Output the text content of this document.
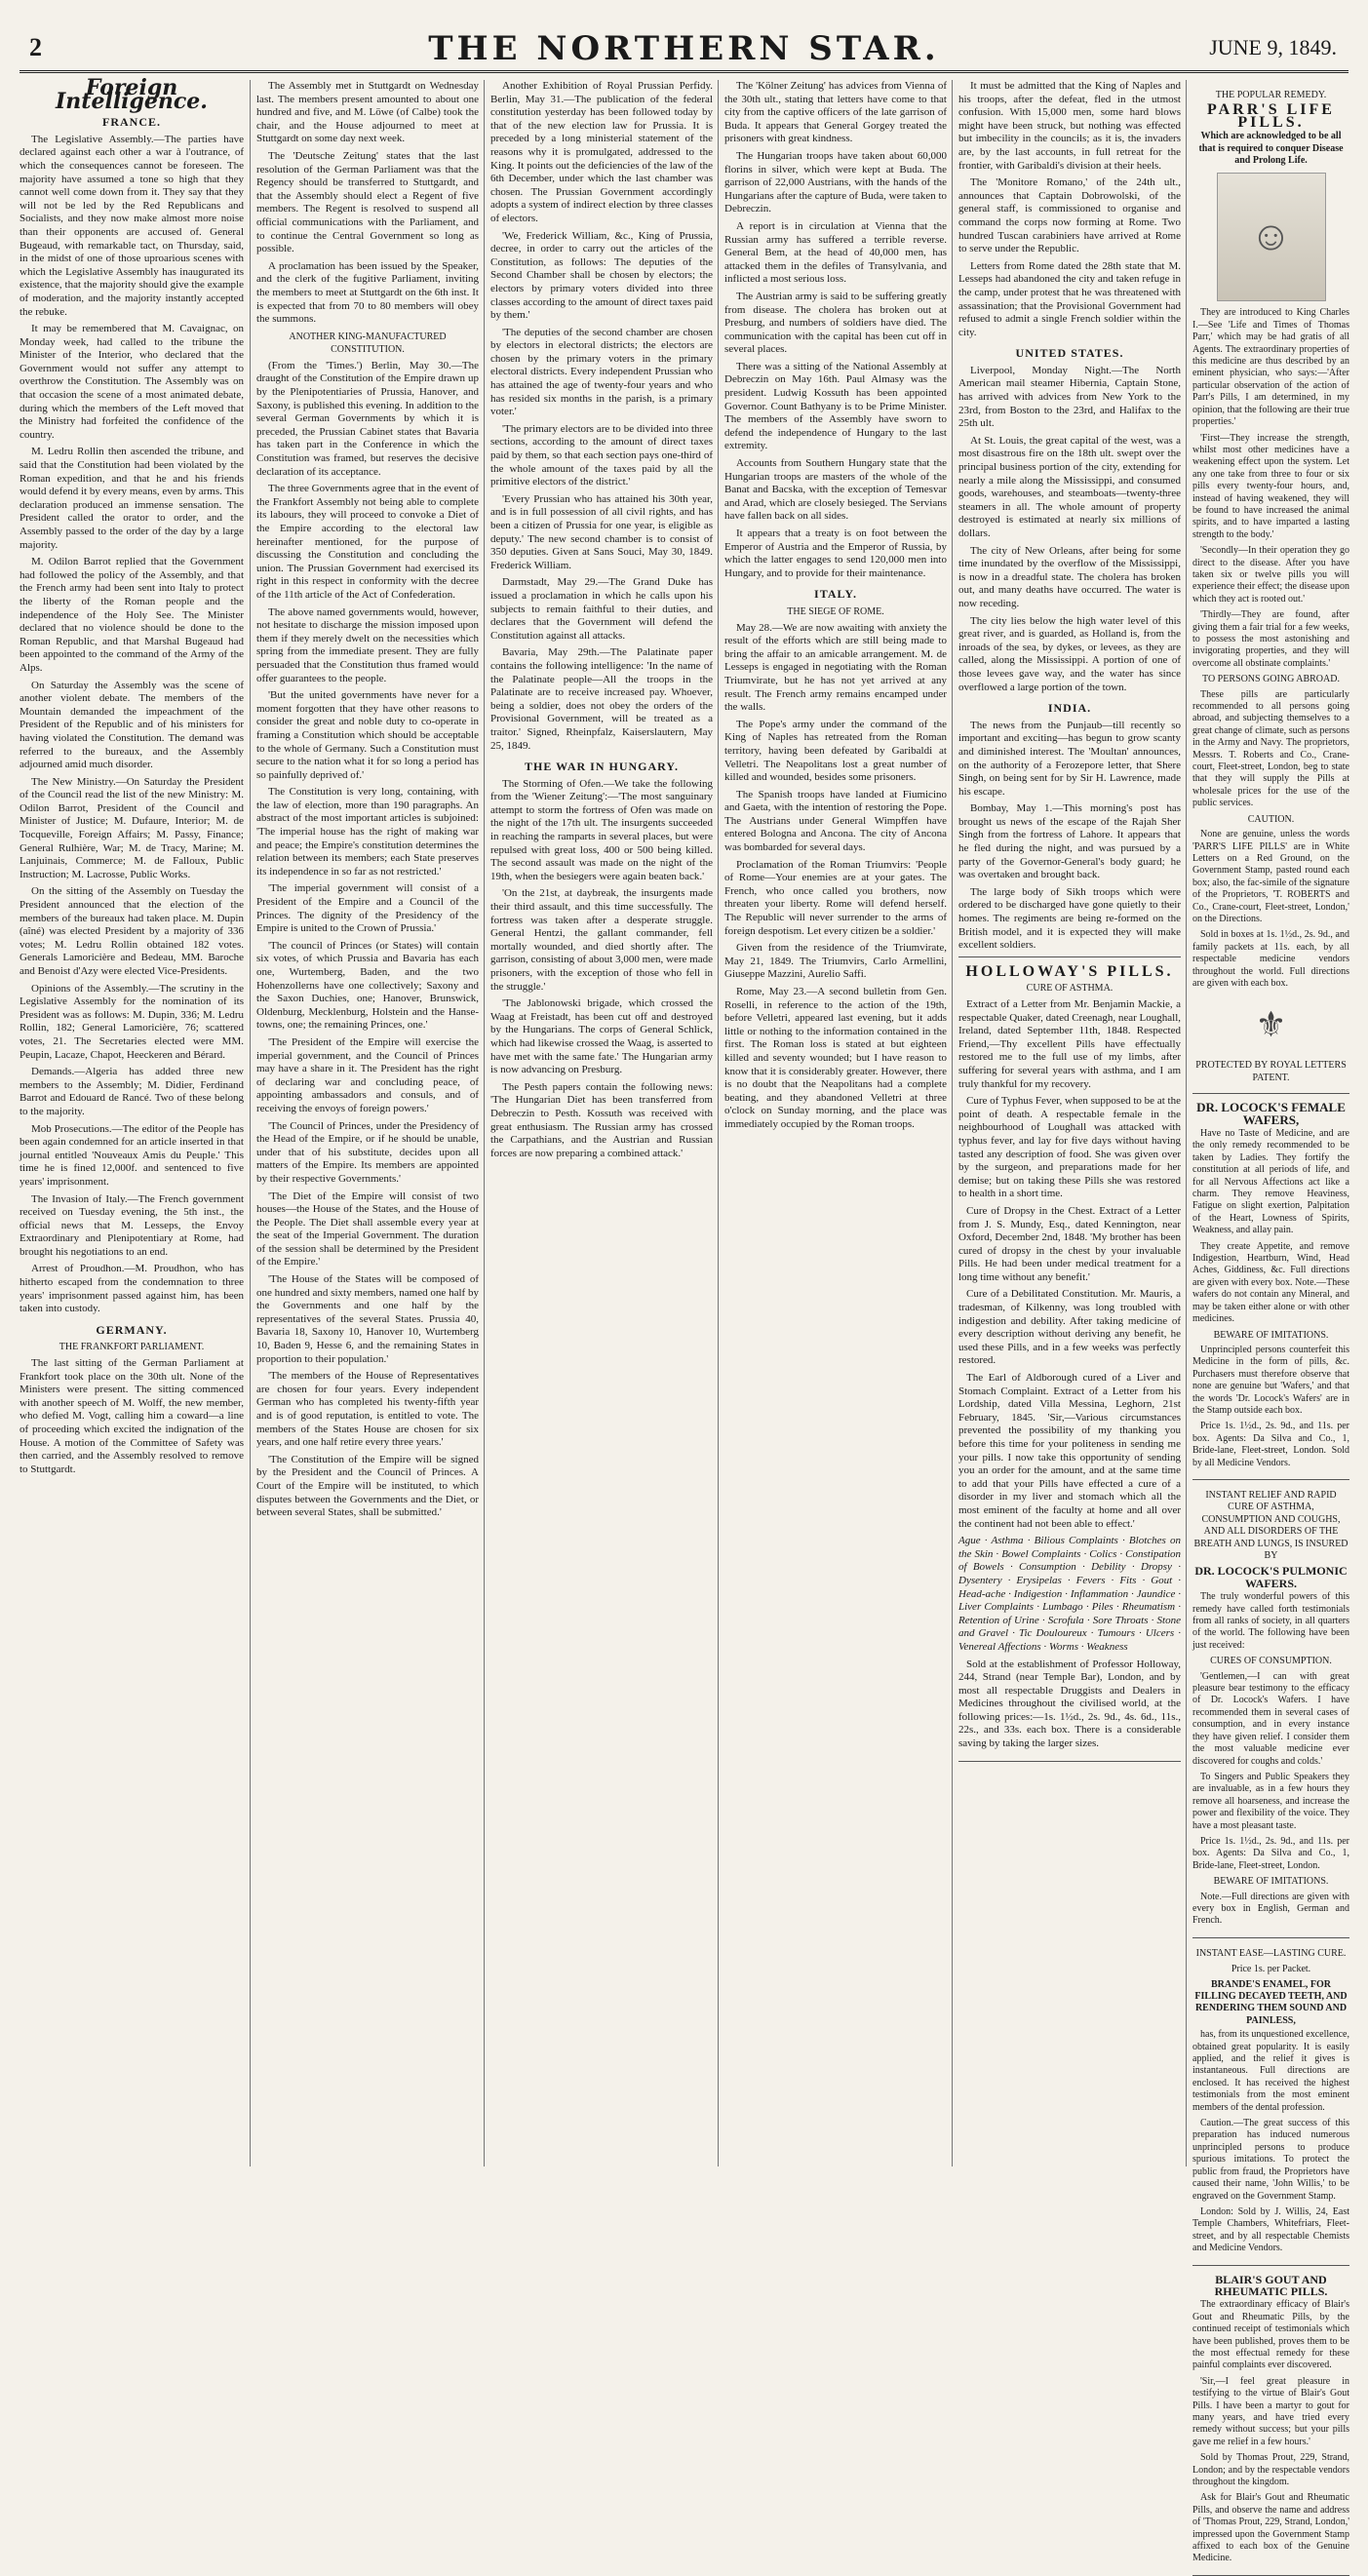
2	THE NORTHERN STAR.	JUNE 9, 1849.
Foreign Intelligence.
FRANCE.

The Legislative Assembly.—The parties have declared against each other a war à l'outrance, of which the consequences cannot be foreseen. The majority have assumed a tone so high that they cannot well come down from it. They say that they will not be led by the Red Republicans and Socialists, and they now make almost more noise than their opponents are accused of. General Bugeaud, with remarkable tact, on Thursday, said, in the midst of one of those uproarious scenes with which the Legislative Assembly has inaugurated its existence, that the majority should give the example of moderation, and the majority instantly accepted the rebuke.

It may be remembered that M. Cavaignac, on Monday week, had called to the tribune the Minister of the Interior, who declared that the Government would not suffer any attempt to overthrow the Constitution. The Assembly was on that occasion the scene of a most animated debate, during which the members of the Left moved that the Ministry had forfeited the confidence of the country.

M. Ledru Rollin then ascended the tribune, and said that the Constitution had been violated by the Roman expedition, and that he and his friends would defend it by every means, even by arms. This declaration produced an immense sensation. The President called the orator to order, and the Assembly passed to the order of the day by a large majority.

M. Odilon Barrot replied that the Government had followed the policy of the Assembly, and that the French army had been sent into Italy to protect the liberty of the Roman people and the independence of the Holy See. The Minister declared that no violence should be done to the Roman Republic, and that Marshal Bugeaud had been appointed to the command of the Army of the Alps.

On Saturday the Assembly was the scene of another violent debate. The members of the Mountain demanded the impeachment of the President of the Republic and of his ministers for having violated the Constitution. The demand was referred to the bureaux, and the Assembly adjourned amid much disorder.

The New Ministry.—On Saturday the President of the Council read the list of the new Ministry: M. Odilon Barrot, President of the Council and Minister of Justice; M. Dufaure, Interior; M. de Tocqueville, Foreign Affairs; M. Passy, Finance; General Rulhière, War; M. de Tracy, Marine; M. Lanjuinais, Commerce; M. de Falloux, Public Instruction; M. Lacrosse, Public Works.

On the sitting of the Assembly on Tuesday the President announced that the election of the members of the bureaux had taken place. M. Dupin (aîné) was elected President by a majority of 336 votes; M. Ledru Rollin obtained 182 votes. Generals Lamoricière and Bedeau, MM. Baroche and Benoist d'Azy were elected Vice-Presidents.

Opinions of the Assembly.—The scrutiny in the Legislative Assembly for the nomination of its President was as follows: M. Dupin, 336; M. Ledru Rollin, 182; General Lamoricière, 76; scattered votes, 21. The Secretaries elected were MM. Peupin, Lacaze, Chapot, Heeckeren and Bérard.

Demands.—Algeria has added three new members to the Assembly; M. Didier, Ferdinand Barrot and Edouard de Rancé. Two of these belong to the majority.

Mob Prosecutions.—The editor of the People has been again condemned for an article inserted in that journal entitled 'Nouveaux Amis du Peuple.' This time he is fined 12,000f. and sentenced to five years' imprisonment.

The Invasion of Italy.—The French government received on Tuesday evening, the 5th inst., the official news that M. Lesseps, the Envoy Extraordinary and Plenipotentiary at Rome, had brought his negotiations to an end.

Arrest of Proudhon.—M. Proudhon, who has hitherto escaped from the condemnation to three years' imprisonment passed against him, has been taken into custody.

GERMANY.
THE FRANKFORT PARLIAMENT.

The last sitting of the German Parliament at Frankfort took place on the 30th ult. None of the Ministers were present. The sitting commenced with another speech of M. Wolff, the new member, who defied M. Vogt, calling him a coward—a line of proceeding which excited the indignation of the House. A motion of the Committee of Safety was then carried, and the Assembly resolved to remove to Stuttgardt.

The Assembly met in Stuttgardt on Wednesday last. The members present amounted to about one hundred and five, and M. Löwe (of Calbe) took the chair, and the House adjourned to meet at Stuttgardt on some day next week.

The 'Deutsche Zeitung' states that the last resolution of the German Parliament was that the Regency should be transferred to Stuttgardt, and that the Assembly should elect a Regent of five members. The Regent is resolved to suspend all official communications with the Parliament, and to continue the Central Government so long as possible.

A proclamation has been issued by the Speaker, and the clerk of the fugitive Parliament, inviting the members to meet at Stuttgardt on the 6th inst. It is expected that from 70 to 80 members will obey the summons.

ANOTHER KING-MANUFACTURED CONSTITUTION.

(From the 'Times.') Berlin, May 30.—The draught of the Constitution of the Empire drawn up by the Plenipotentiaries of Prussia, Hanover, and Saxony, is published this evening. In addition to the several German Governments by which it is preceded, the Prussian Cabinet states that Bavaria has taken part in the Conference in which the Constitution was framed, but reserves the decisive declaration of its acceptance.

The three Governments agree that in the event of the Frankfort Assembly not being able to complete its labours, they will proceed to convoke a Diet of the Empire according to the electoral law hereinafter mentioned, for the purpose of discussing the Constitution and concluding the union. The Prussian Government had exercised its right in this respect in conformity with the decree of the 11th article of the Act of Confederation.

The above named governments would, however, not hesitate to discharge the mission imposed upon them if they merely dwelt on the necessities which spring from the immediate present. They are fully persuaded that the Constitution thus framed would offer guarantees to the people.

'But the united governments have never for a moment forgotten that they have other reasons to consider the great and noble duty to co-operate in framing a Constitution which should be acceptable to the whole of Germany. Such a Constitution must secure to the nation what it for so long a period has so painfully deprived of.'

The Constitution is very long, containing, with the law of election, more than 190 paragraphs. An abstract of the most important articles is subjoined: 'The imperial house has the right of making war and peace; the Empire's constitution determines the relation between its members; each State preserves its independence in so far as not restricted.'

'The imperial government will consist of a President of the Empire and a Council of the Princes. The dignity of the Presidency of the Empire is united to the Crown of Prussia.'

'The council of Princes (or States) will contain six votes, of which Prussia and Bavaria has each one, Wurtemberg, Baden, and the two Hohenzollerns have one collectively; Saxony and the Saxon Duchies, one; Hanover, Brunswick, Oldenburg, Mecklenburg, Holstein and the Hanse-towns, one; the remaining Princes, one.'

'The President of the Empire will exercise the imperial government, and the Council of Princes may have a share in it. The President has the right of declaring war and concluding peace, of appointing ambassadors and consuls, and of receiving the envoys of foreign powers.'

'The Council of Princes, under the Presidency of the Head of the Empire, or if he should be unable, under that of his substitute, decides upon all matters of the Empire. Its members are appointed by their respective Governments.'

'The Diet of the Empire will consist of two houses—the House of the States, and the House of the People. The Diet shall assemble every year at the seat of the Imperial Government. The duration of the session shall be determined by the President of the Empire.'

'The House of the States will be composed of one hundred and sixty members, named one half by the Governments and one half by the representatives of the several States. Prussia 40, Bavaria 18, Saxony 10, Hanover 10, Wurtemberg 10, Baden 9, Hesse 6, and the remaining States in proportion to their population.'

'The members of the House of Representatives are chosen for four years. Every independent German who has completed his twenty-fifth year and is of good reputation, is entitled to vote. The members of the States House are chosen for six years, and one half retire every three years.'

'The Constitution of the Empire will be signed by the President and the Council of Princes. A Court of the Empire will be instituted, to which disputes between the Governments and the Diet, or between several States, shall be submitted.'

Another Exhibition of Royal Prussian Perfidy. Berlin, May 31.—The publication of the federal constitution yesterday has been followed today by that of the new election law for Prussia. It is preceded by a long ministerial statement of the reasons why it is promulgated, addressed to the King. It points out the deficiencies of the law of the 6th December, under which the last chamber was chosen. The Prussian Government accordingly adopts a system of indirect election by three classes of electors.

'We, Frederick William, &c., King of Prussia, decree, in order to carry out the articles of the Constitution, as follows: The deputies of the Second Chamber shall be chosen by electors; the electors by primary voters divided into three classes according to the amount of direct taxes paid by them.'

'The deputies of the second chamber are chosen by electors in electoral districts; the electors are chosen by the primary voters in the primary electoral districts. Every independent Prussian who has attained the age of twenty-four years and who has resided six months in the parish, is a primary voter.'

'The primary electors are to be divided into three sections, according to the amount of direct taxes paid by them, so that each section pays one-third of the whole amount of the taxes paid by all the primitive electors of the district.'

'Every Prussian who has attained his 30th year, and is in full possession of all civil rights, and has been a citizen of Prussia for one year, is eligible as deputy.' The new second chamber is to consist of 350 deputies. Given at Sans Souci, May 30, 1849. Frederick William.

Darmstadt, May 29.—The Grand Duke has issued a proclamation in which he calls upon his subjects to remain faithful to their duties, and declares that the Government will defend the Constitution against all attacks.

Bavaria, May 29th.—The Palatinate paper contains the following intelligence: 'In the name of the Palatinate people—All the troops in the Palatinate are to receive increased pay. Whoever, being a soldier, does not obey the orders of the Provisional Government, will be treated as a traitor.' Signed, Rheinpfalz, Kaiserslautern, May 25, 1849.

THE WAR IN HUNGARY.

The Storming of Ofen.—We take the following from the 'Wiener Zeitung':—'The most sanguinary attempt to storm the fortress of Ofen was made on the night of the 17th ult. The insurgents succeeded in reaching the ramparts in several places, but were repulsed with great loss, 400 or 500 being killed. The second assault was made on the night of the 19th, when the besiegers were again beaten back.'

'On the 21st, at daybreak, the insurgents made their third assault, and this time successfully. The fortress was taken after a desperate struggle. General Hentzi, the gallant commander, fell mortally wounded, and died shortly after. The garrison, consisting of about 3,000 men, were made prisoners, with the exception of those who fell in the struggle.'

'The Jablonowski brigade, which crossed the Waag at Freistadt, has been cut off and destroyed by the Hungarians. The corps of General Schlick, which had likewise crossed the Waag, is asserted to have met with the same fate.' The Hungarian army is now advancing on Presburg.

The Pesth papers contain the following news: 'The Hungarian Diet has been transferred from Debreczin to Pesth. Kossuth was received with great enthusiasm. The Russian army has crossed the Carpathians, and the Austrian and Russian forces are now preparing a combined attack.'

The 'Kölner Zeitung' has advices from Vienna of the 30th ult., stating that letters have come to that city from the captive officers of the late garrison of Buda. It appears that General Gorgey treated the prisoners with great kindness.

The Hungarian troops have taken about 60,000 florins in silver, which were kept at Buda. The garrison of 22,000 Austrians, with the hands of the Hungarians after the capture of Buda, were taken to Debreczin.

A report is in circulation at Vienna that the Russian army has suffered a terrible reverse. General Bem, at the head of 40,000 men, has attacked them in the defiles of Transylvania, and inflicted a most serious loss.

The Austrian army is said to be suffering greatly from disease. The cholera has broken out at Presburg, and numbers of soldiers have died. The communication with the capital has been cut off in several places.

There was a sitting of the National Assembly at Debreczin on May 16th. Paul Almasy was the president. Ludwig Kossuth has been appointed Governor. Count Bathyany is to be Prime Minister. The members of the Assembly have sworn to defend the independence of Hungary to the last extremity.

Accounts from Southern Hungary state that the Hungarian troops are masters of the whole of the Banat and Bacska, with the exception of Temesvar and Arad, which are closely besieged. The Servians have fallen back on all sides.

It appears that a treaty is on foot between the Emperor of Austria and the Emperor of Russia, by which the latter engages to send 120,000 men into Hungary, and to provide for their maintenance.

ITALY.
THE SIEGE OF ROME.

May 28.—We are now awaiting with anxiety the result of the efforts which are still being made to bring the affair to an amicable arrangement. M. de Lesseps is engaged in negotiating with the Roman Triumvirate, but he has not yet arrived at any result. The French army remains encamped under the walls.

The Pope's army under the command of the King of Naples has retreated from the Roman territory, having been defeated by Garibaldi at Velletri. The Neapolitans lost a great number of killed and wounded, besides some prisoners.

The Spanish troops have landed at Fiumicino and Gaeta, with the intention of restoring the Pope. The Austrians under General Wimpffen have entered Bologna and Ancona. The city of Ancona was bombarded for several days.

Proclamation of the Roman Triumvirs: 'People of Rome—Your enemies are at your gates. The French, who once called you brothers, now threaten your liberty. Rome will defend herself. The Republic will never surrender to the arms of foreign despotism. Let every citizen be a soldier.'

Given from the residence of the Triumvirate, May 21, 1849. The Triumvirs, Carlo Armellini, Giuseppe Mazzini, Aurelio Saffi.

Rome, May 23.—A second bulletin from Gen. Roselli, in reference to the action of the 19th, before Velletri, appeared last evening, but it adds little or nothing to the information contained in the first. The Roman loss is stated at but eighteen killed and seventy wounded; but I have reason to know that it is considerably greater. However, there is no doubt that the Neapolitans had a complete beating, and they abandoned Velletri at three o'clock on Sunday morning, and the place was immediately occupied by the Roman troops.

It must be admitted that the King of Naples and his troops, after the defeat, fled in the utmost confusion. With 15,000 men, some hard blows might have been struck, but nothing was effected but imbecility in the councils; as it is, the invaders are, by the last accounts, in full retreat for the frontier, with Garibaldi's division at their heels.

The 'Monitore Romano,' of the 24th ult., announces that Captain Dobrowolski, of the general staff, is commissioned to organise and command the corps now forming at Rome. Two hundred Tuscan carabiniers have arrived at Rome to serve under the Republic.

Letters from Rome dated the 28th state that M. Lesseps had abandoned the city and taken refuge in the camp, under protest that he was threatened with assassination; that the Provisional Government had refused to admit a single French soldier within the city.

UNITED STATES.

Liverpool, Monday Night.—The North American mail steamer Hibernia, Captain Stone, has arrived with advices from New York to the 23rd, from Boston to the 23rd, and Halifax to the 25th ult.

At St. Louis, the great capital of the west, was a most disastrous fire on the 18th ult. swept over the principal business portion of the city, extending for nearly a mile along the Mississippi, and consumed goods, warehouses, and steamboats—twenty-three steamers in all. The whole amount of property destroyed is estimated at nearly six millions of dollars.

The city of New Orleans, after being for some time inundated by the overflow of the Mississippi, is now in a dreadful state. The cholera has broken out, and many deaths have occurred. The water is now receding.

The city lies below the high water level of this great river, and is guarded, as Holland is, from the inroads of the sea, by dykes, or levees, as they are called, along the Mississippi. A portion of one of those levees gave way, and the water has since overflowed a large portion of the town.

INDIA.

The news from the Punjaub—till recently so important and exciting—has begun to grow scanty and diminished interest. The 'Moultan' announces, on the authority of a Ferozepore letter, that Shere Singh, on being sent for by Sir H. Lawrence, made his escape.

Bombay, May 1.—This morning's post has brought us news of the escape of the Rajah Sher Singh from the fortress of Lahore. It appears that he fled during the night, and was pursued by a party of the Governor-General's body guard; he was overtaken and brought back.

The large body of Sikh troops which were ordered to be discharged have gone quietly to their homes. The regiments are being re-formed on the British model, and it is expected they will make excellent soldiers.

HOLLOWAY'S PILLS.
CURE OF ASTHMA.

Extract of a Letter from Mr. Benjamin Mackie, a respectable Quaker, dated Creenagh, near Loughall, Ireland, dated September 11th, 1848. Respected Friend,—Thy excellent Pills have effectually restored me to the full use of my limbs, after suffering for several years with asthma, and I am truly thankful for my recovery.

Cure of Typhus Fever, when supposed to be at the point of death. A respectable female in the neighbourhood of Loughall was attacked with typhus fever, and lay for five days without having tasted any description of food. She was given over by the surgeon, and preparations made for her demise; but on taking these Pills she was restored to health in a short time.

Cure of Dropsy in the Chest. Extract of a Letter from J. S. Mundy, Esq., dated Kennington, near Oxford, December 2nd, 1848. 'My brother has been cured of dropsy in the chest by your invaluable Pills. He had been under medical treatment for a long time without any benefit.'

Cure of a Debilitated Constitution. Mr. Mauris, a tradesman, of Kilkenny, was long troubled with indigestion and debility. After taking medicine of every description without deriving any benefit, he used these Pills, and in a few weeks was perfectly restored.

The Earl of Aldborough cured of a Liver and Stomach Complaint. Extract of a Letter from his Lordship, dated Villa Messina, Leghorn, 21st February, 1845. 'Sir,—Various circumstances prevented the possibility of my thanking you before this time for your politeness in sending me your pills. I now take this opportunity of sending you an order for the amount, and at the same time to add that your Pills have effected a cure of a disorder in my liver and stomach which all the most eminent of the faculty at home and all over the continent had not been able to effect.'

Ague · Asthma · Bilious Complaints · Blotches on the Skin · Bowel Complaints · Colics · Constipation of Bowels · Consumption · Debility · Dropsy · Dysentery · Erysipelas · Fevers · Fits · Gout · Head-ache · Indigestion · Inflammation · Jaundice · Liver Complaints · Lumbago · Piles · Rheumatism · Retention of Urine · Scrofula · Sore Throats · Stone and Gravel · Tic Douloureux · Tumours · Ulcers · Venereal Affections · Worms · Weakness

Sold at the establishment of Professor Holloway, 244, Strand (near Temple Bar), London, and by most all respectable Druggists and Dealers in Medicines throughout the civilised world, at the following prices:—1s. 1½d., 2s. 9d., 4s. 6d., 11s., 22s., and 33s. each box. There is a considerable saving by taking the larger sizes.

THE POPULAR REMEDY.
PARR'S LIFE PILLS.
Which are acknowledged to be all that is required to conquer Disease and Prolong Life.
☺

They are introduced to King Charles I.—See 'Life and Times of Thomas Parr,' which may be had gratis of all Agents. The extraordinary properties of this medicine are thus described by an eminent physician, who says:—'After particular observation of the action of Parr's Pills, I am determined, in my opinion, that the following are their true properties.'

'First—They increase the strength, whilst most other medicines have a weakening effect upon the system. Let any one take from three to four or six pills every twenty-four hours, and, instead of having weakened, they will be found to have increased the animal spirits, and to have imparted a lasting strength to the body.'

'Secondly—In their operation they go direct to the disease. After you have taken six or twelve pills you will experience their effect; the disease upon which they act is rooted out.'

'Thirdly—They are found, after giving them a fair trial for a few weeks, to possess the most astonishing and invigorating properties, and they will overcome all obstinate complaints.'

TO PERSONS GOING ABROAD.

These pills are particularly recommended to all persons going abroad, and subjecting themselves to a great change of climate, such as persons in the Army and Navy. The proprietors, Messrs. T. Roberts and Co., Crane-court, Fleet-street, London, beg to state that they will supply the Pills at wholesale prices for the use of the public services.

CAUTION.

None are genuine, unless the words 'PARR'S LIFE PILLS' are in White Letters on a Red Ground, on the Government Stamp, pasted round each box; also, the fac-simile of the signature of the Proprietors, 'T. ROBERTS and Co., Crane-court, Fleet-street, London,' on the Directions.

Sold in boxes at 1s. 1½d., 2s. 9d., and family packets at 11s. each, by all respectable medicine vendors throughout the world. Full directions are given with each box.

⚜
PROTECTED BY ROYAL LETTERS PATENT.
DR. LOCOCK'S FEMALE WAFERS,

Have no Taste of Medicine, and are the only remedy recommended to be taken by Ladies. They fortify the constitution at all periods of life, and for all Nervous Affections act like a charm. They remove Heaviness, Fatigue on slight exertion, Palpitation of the Heart, Lowness of Spirits, Weakness, and allay pain.

They create Appetite, and remove Indigestion, Heartburn, Wind, Head Aches, Giddiness, &c. Full directions are given with every box. Note.—These wafers do not contain any Mineral, and may be taken either alone or with other medicines.

BEWARE OF IMITATIONS.

Unprincipled persons counterfeit this Medicine in the form of pills, &c. Purchasers must therefore observe that none are genuine but 'Wafers,' and that the words 'Dr. Locock's Wafers' are in the Stamp outside each box.

Price 1s. 1½d., 2s. 9d., and 11s. per box. Agents: Da Silva and Co., 1, Bride-lane, Fleet-street, London. Sold by all Medicine Vendors.

INSTANT RELIEF AND RAPID CURE OF ASTHMA, CONSUMPTION AND COUGHS, AND ALL DISORDERS OF THE BREATH AND LUNGS, IS INSURED BY
DR. LOCOCK'S PULMONIC WAFERS.

The truly wonderful powers of this remedy have called forth testimonials from all ranks of society, in all quarters of the world. The following have been just received:

CURES OF CONSUMPTION.

'Gentlemen,—I can with great pleasure bear testimony to the efficacy of Dr. Locock's Wafers. I have recommended them in several cases of consumption, and in every instance they have given relief. I consider them the most valuable medicine ever discovered for coughs and colds.'

To Singers and Public Speakers they are invaluable, as in a few hours they remove all hoarseness, and increase the power and flexibility of the voice. They have a most pleasant taste.

Price 1s. 1½d., 2s. 9d., and 11s. per box. Agents: Da Silva and Co., 1, Bride-lane, Fleet-street, London.

BEWARE OF IMITATIONS.

Note.—Full directions are given with every box in English, German and French.

INSTANT EASE—LASTING CURE.
Price 1s. per Packet.
BRANDE'S ENAMEL, FOR FILLING DECAYED TEETH, AND RENDERING THEM SOUND AND PAINLESS,

has, from its unquestioned excellence, obtained great popularity. It is easily applied, and the relief it gives is instantaneous. Full directions are enclosed. It has received the highest testimonials from the most eminent members of the dental profession.

Caution.—The great success of this preparation has induced numerous unprincipled persons to produce spurious imitations. To protect the public from fraud, the Proprietors have caused their name, 'John Willis,' to be engraved on the Government Stamp.

London: Sold by J. Willis, 24, East Temple Chambers, Whitefriars, Fleet-street, and by all respectable Chemists and Medicine Vendors.

BLAIR'S GOUT AND RHEUMATIC PILLS.

The extraordinary efficacy of Blair's Gout and Rheumatic Pills, by the continued receipt of testimonials which have been published, proves them to be the most effectual remedy for these painful complaints ever discovered.

'Sir,—I feel great pleasure in testifying to the virtue of Blair's Gout Pills. I have been a martyr to gout for many years, and have tried every remedy without success; but your pills gave me relief in a few hours.'

Sold by Thomas Prout, 229, Strand, London; and by the respectable vendors throughout the kingdom.

Ask for Blair's Gout and Rheumatic Pills, and observe the name and address of 'Thomas Prout, 229, Strand, London,' impressed upon the Government Stamp affixed to each box of the Genuine Medicine.
